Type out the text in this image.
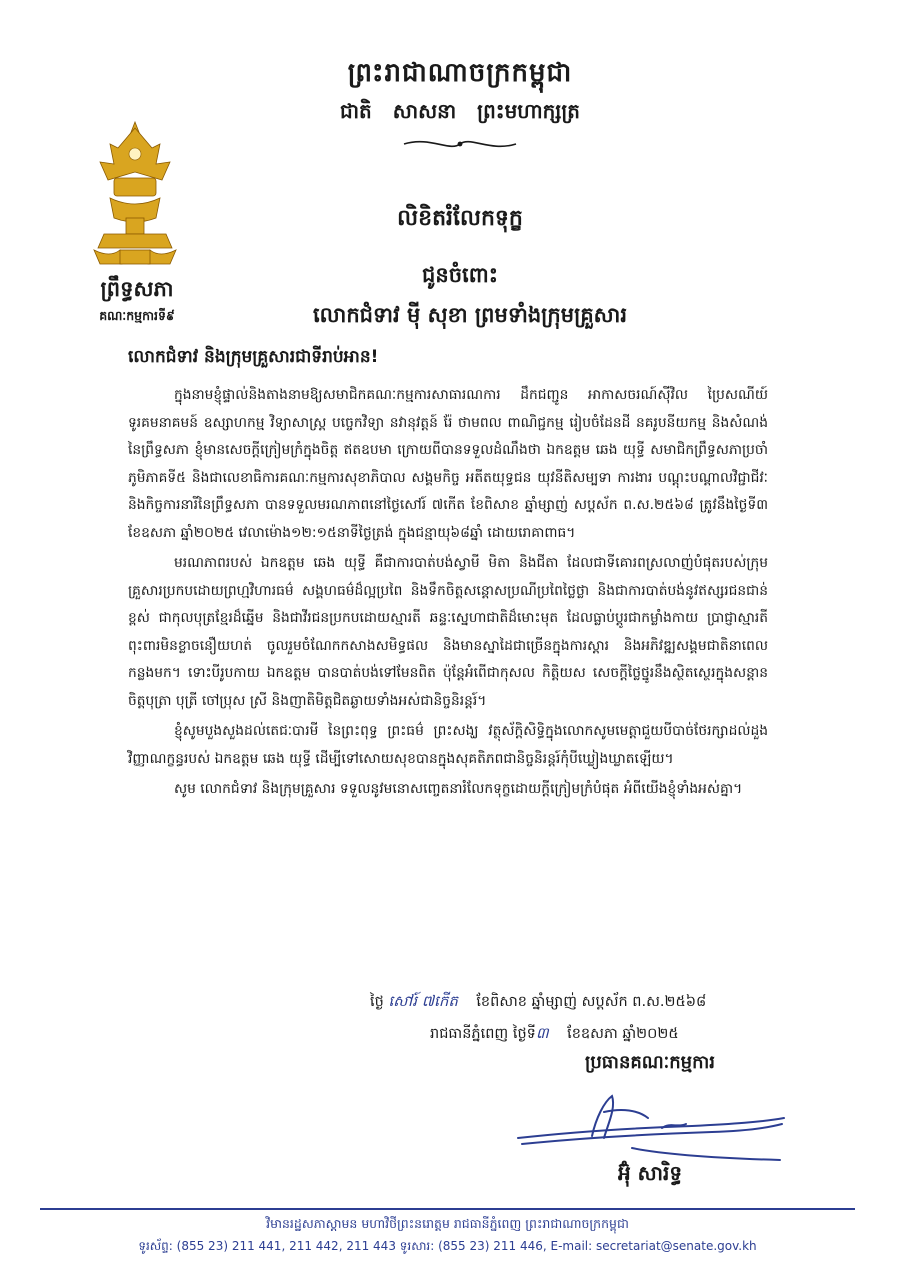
ព្រះរាជាណាចក្រកម្ពុជា
ជាតិ សាសនា ព្រះមហាក្សត្រ
ព្រឹទ្ធសភា
គណៈកម្មការទី៩
លិខិតរំលែកទុក្ខ
ជូនចំពោះ
លោកជំទាវ ម៉ី សុខា ព្រមទាំងក្រុមគ្រួសារ
លោកជំទាវ និងក្រុមគ្រួសារជាទីរាប់អាន!

ក្នុងនាមខ្ញុំផ្ទាល់និងតាងនាមឱ្យសមាជិកគណៈកម្មការសាធារណការ ដឹកជញ្ជូន អាកាសចរណ៍ស៊ីវិល ប្រៃសណីយ៍ ទូរគមនាគមន៍ ឧស្សាហកម្ម វិទ្យាសាស្ត្រ បច្ចេកវិទ្យា នវានុវត្តន៍ រ៉ែ ថាមពល ពាណិជ្ជកម្ម រៀបចំដែនដី នគរូបនីយកម្ម និងសំណង់នៃព្រឹទ្ធសភា ខ្ញុំមានសេចក្តីក្រៀមក្រំក្នុងចិត្ត ឥតឧបមា ក្រោយពីបានទទួលដំណឹងថា ឯកឧត្តម ឆេង យុទ្ធី សមាជិកព្រឹទ្ធសភាប្រចាំភូមិភាគទី៥ និងជាលេខាធិការគណៈកម្មការសុខាភិបាល សង្គមកិច្ច អតីតយុទ្ធជន យុវនីតិសម្បទា ការងារ បណ្តុះបណ្តាលវិជ្ជាជីវៈ និងកិច្ចការនារីនៃព្រឹទ្ធសភា បានទទួលមរណភាពនៅថ្ងៃសៅរ៍ ៧កើត ខែពិសាខ ឆ្នាំម្សាញ់ សប្តស័ក ព.ស.២៥៦៨ ត្រូវនឹងថ្ងៃទី៣ ខែឧសភា ឆ្នាំ២០២៥ វេលាម៉ោង១២:១៥នាទីថ្ងៃត្រង់ ក្នុងជន្មាយុ៦៨ឆ្នាំ ដោយរោគាពាធ។

មរណភាពរបស់ ឯកឧត្តម ឆេង យុទ្ធី គឺជាការបាត់បង់ស្វាមី មិតា និងជីតា ដែលជាទីគោរពស្រលាញ់បំផុតរបស់ក្រុមគ្រួសារប្រកបដោយព្រហ្មវិហារធម៌ សង្គហធម៌ដ៏ល្អប្រពៃ និងទឹកចិត្តសន្តោសប្រណីប្រពៃថ្លៃថ្លា និងជាការបាត់បង់នូវឥស្សរជនជាន់ខ្ពស់ ជាកុលបុត្រខ្មែរដ៏ឆ្នើម និងជាវីរជនប្រកបដោយស្មារតី ឆន្ទៈស្នេហាជាតិដ៏មោះមុត ដែលធ្លាប់ប្តូរជាកម្លាំងកាយ ប្រាជ្ញាស្មារតី ពុះពារមិនខ្លាចនឿយហត់ ចូលរួមចំណែកកសាងសមិទ្ធផល និងមានស្នាដៃជាច្រើនក្នុងការស្តារ និងអភិវឌ្ឍសង្គមជាតិនាពេលកន្លងមក។ ទោះបីរូបកាយ ឯកឧត្តម បានបាត់បង់ទៅមែនពិត ប៉ុន្តែអំពើជាកុសល កិត្តិយស សេចក្តីថ្លៃថ្នូរនឹងស្ថិតស្ថេរក្នុងសន្តានចិត្តបុត្រា បុត្រី ចៅប្រុស ស្រី និងញាតិមិត្តជិតឆ្ងាយទាំងអស់ជានិច្ចនិរន្តរ៍។

ខ្ញុំសូមបួងសួងដល់តេជៈបារមី នៃព្រះពុទ្ធ ព្រះធម៌ ព្រះសង្ឃ វត្ថុស័ក្តិសិទ្ធិក្នុងលោកសូមមេត្តាជួយបីបាច់ថែរក្សាដល់ដួងវិញ្ញាណក្ខន្ធរបស់ ឯកឧត្តម ឆេង យុទ្ធី ដើម្បីទៅសោយសុខបានក្នុងសុគតិភពជានិច្ចនិរន្តរ៍កុំបីឃ្លៀងឃ្លាតឡើយ។

សូម លោកជំទាវ និងក្រុមគ្រួសារ ទទួលនូវមនោសញ្ចេតនារំលែកទុក្ខដោយក្តីក្រៀមក្រំបំផុត អំពីយើងខ្ញុំទាំងអស់គ្នា។

ថ្ងៃ សៅរ៍ ៧កើត ខែពិសាខ ឆ្នាំម្សាញ់ សប្តស័ក ព.ស.២៥៦៨
រាជធានីភ្នំពេញ ថ្ងៃទី៣ ខែឧសភា ឆ្នាំ២០២៥
ប្រធានគណៈកម្មការ
អ៊ុំ សារិទ្ធ
វិមានរដ្ឋសភាស្តាមន មហាវិថីព្រះនរោត្តម រាជធានីភ្នំពេញ ព្រះរាជាណាចក្រកម្ពុជា
ទូរស័ព្ទ: (855 23) 211 441, 211 442, 211 443 ទូរសារ: (855 23) 211 446, E-mail: secretariat@senate.gov.kh
